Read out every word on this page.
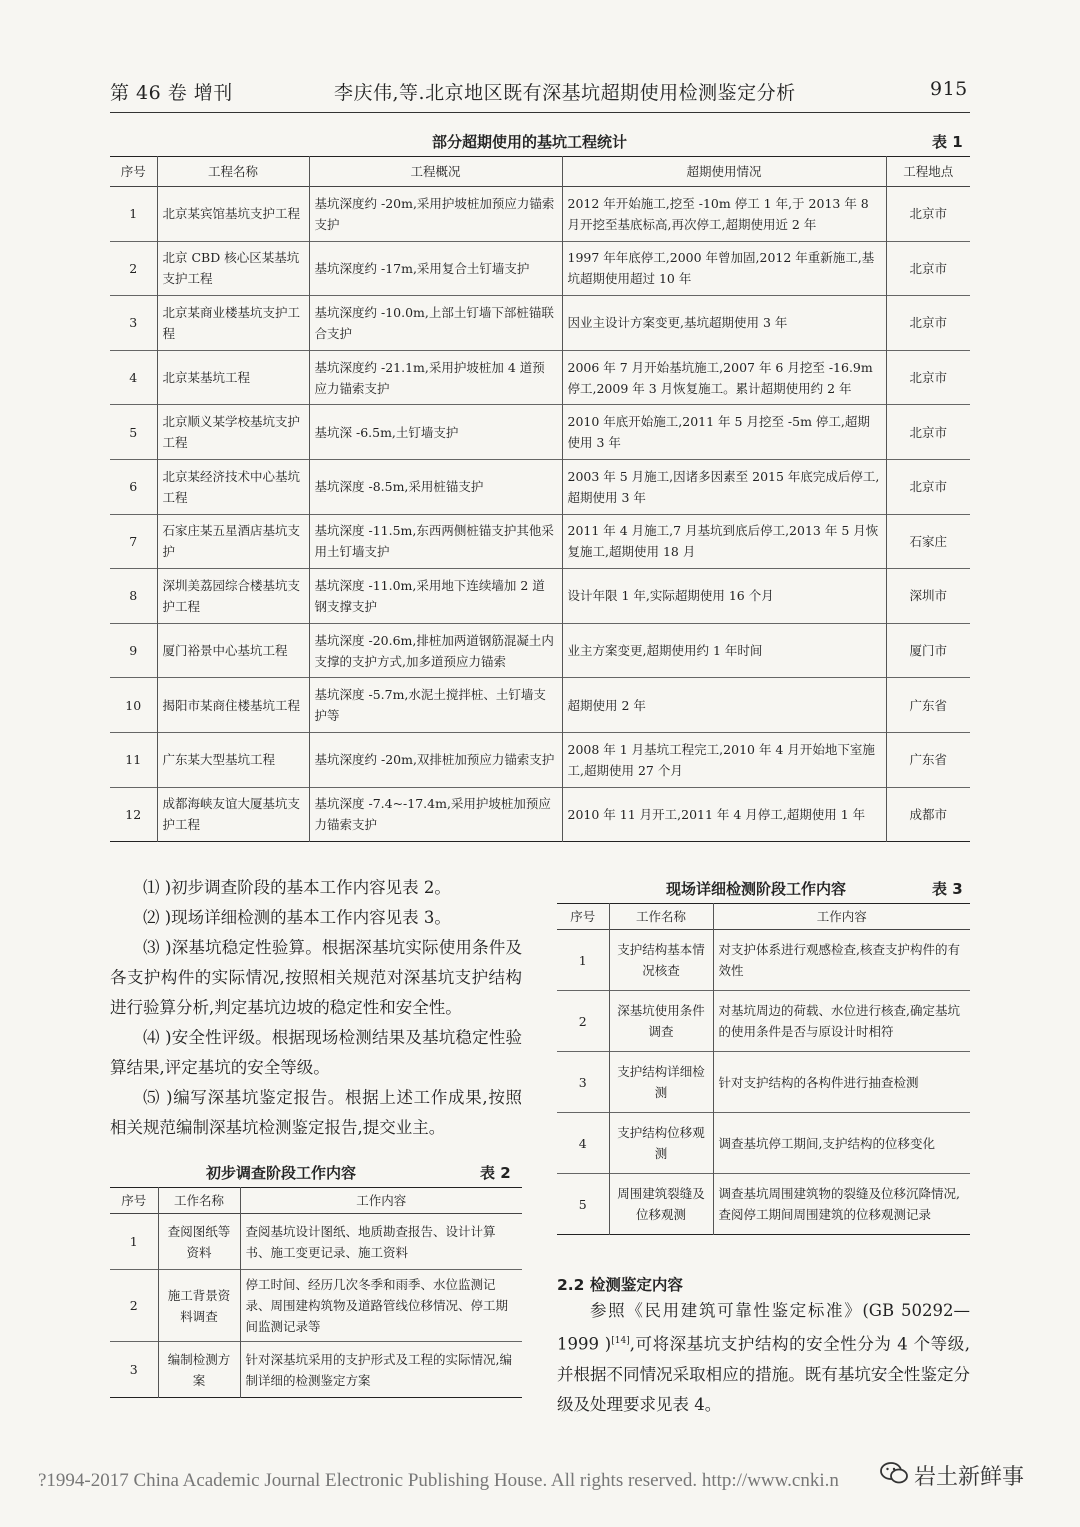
第 46 卷 增刊	李庆伟,等.北京地区既有深基坑超期使用检测鉴定分析	915
部分超期使用的基坑工程统计	表 1
序号	工程名称	工程概况	超期使用情况	工程地点
1	北京某宾馆基坑支护工程	基坑深度约 -20m,采用护坡桩加预应力锚索支护	2012 年开始施工,挖至 -10m 停工 1 年,于 2013 年 8 月开挖至基底标高,再次停工,超期使用近 2 年	北京市
2	北京 CBD 核心区某基坑支护工程	基坑深度约 -17m,采用复合土钉墙支护	1997 年年底停工,2000 年曾加固,2012 年重新施工,基坑超期使用超过 10 年	北京市
3	北京某商业楼基坑支护工程	基坑深度约 -10.0m,上部土钉墙下部桩锚联合支护	因业主设计方案变更,基坑超期使用 3 年	北京市
4	北京某基坑工程	基坑深度约 -21.1m,采用护坡桩加 4 道预应力锚索支护	2006 年 7 月开始基坑施工,2007 年 6 月挖至 -16.9m 停工,2009 年 3 月恢复施工。累计超期使用约 2 年	北京市
5	北京顺义某学校基坑支护工程	基坑深 -6.5m,土钉墙支护	2010 年底开始施工,2011 年 5 月挖至 -5m 停工,超期使用 3 年	北京市
6	北京某经济技术中心基坑工程	基坑深度 -8.5m,采用桩锚支护	2003 年 5 月施工,因诸多因素至 2015 年底完成后停工,超期使用 3 年	北京市
7	石家庄某五星酒店基坑支护	基坑深度 -11.5m,东西两侧桩锚支护其他采用土钉墙支护	2011 年 4 月施工,7 月基坑到底后停工,2013 年 5 月恢复施工,超期使用 18 月	石家庄
8	深圳美荔园综合楼基坑支护工程	基坑深度 -11.0m,采用地下连续墙加 2 道钢支撑支护	设计年限 1 年,实际超期使用 16 个月	深圳市
9	厦门裕景中心基坑工程	基坑深度 -20.6m,排桩加两道钢筋混凝土内支撑的支护方式,加多道预应力锚索	业主方案变更,超期使用约 1 年时间	厦门市
10	揭阳市某商住楼基坑工程	基坑深度 -5.7m,水泥土搅拌桩、土钉墙支护等	超期使用 2 年	广东省
11	广东某大型基坑工程	基坑深度约 -20m,双排桩加预应力锚索支护	2008 年 1 月基坑工程完工,2010 年 4 月开始地下室施工,超期使用 27 个月	广东省
12	成都海峡友谊大厦基坑支护工程	基坑深度 -7.4~-17.4m,采用护坡桩加预应力锚索支护	2010 年 11 月开工,2011 年 4 月停工,超期使用 1 年	成都市

⑴ )初步调查阶段的基本工作内容见表 2。

⑵ )现场详细检测的基本工作内容见表 3。

⑶ )深基坑稳定性验算。根据深基坑实际使用条件及各支护构件的实际情况,按照相关规范对深基坑支护结构进行验算分析,判定基坑边坡的稳定性和安全性。

⑷ )安全性评级。根据现场检测结果及基坑稳定性验算结果,评定基坑的安全等级。

⑸ )编写深基坑鉴定报告。根据上述工作成果,按照相关规范编制深基坑检测鉴定报告,提交业主。

初步调查阶段工作内容	表 2
序号	工作名称	工作内容
1	查阅图纸等资料	查阅基坑设计图纸、地质勘查报告、设计计算书、施工变更记录、施工资料
2	施工背景资料调查	停工时间、经历几次冬季和雨季、水位监测记录、周围建构筑物及道路管线位移情况、停工期间监测记录等
3	编制检测方案	针对深基坑采用的支护形式及工程的实际情况,编制详细的检测鉴定方案
现场详细检测阶段工作内容	表 3
序号	工作名称	工作内容
1	支护结构基本情况核查	对支护体系进行观感检查,核查支护构件的有效性
2	深基坑使用条件调查	对基坑周边的荷载、水位进行核查,确定基坑的使用条件是否与原设计时相符
3	支护结构详细检测	针对支护结构的各构件进行抽查检测
4	支护结构位移观测	调查基坑停工期间,支护结构的位移变化
5	周围建筑裂缝及位移观测	调查基坑周围建筑物的裂缝及位移沉降情况,查阅停工期间周围建筑的位移观测记录
2.2 检测鉴定内容

参照《民用建筑可靠性鉴定标准》(GB 50292—1999 )[14],可将深基坑支护结构的安全性分为 4 个等级,并根据不同情况采取相应的措施。既有基坑安全性鉴定分级及处理要求见表 4。

?1994-2017 China Academic Journal Electronic Publishing House. All rights reserved. http://www.cnki.n	岩土新鲜事
